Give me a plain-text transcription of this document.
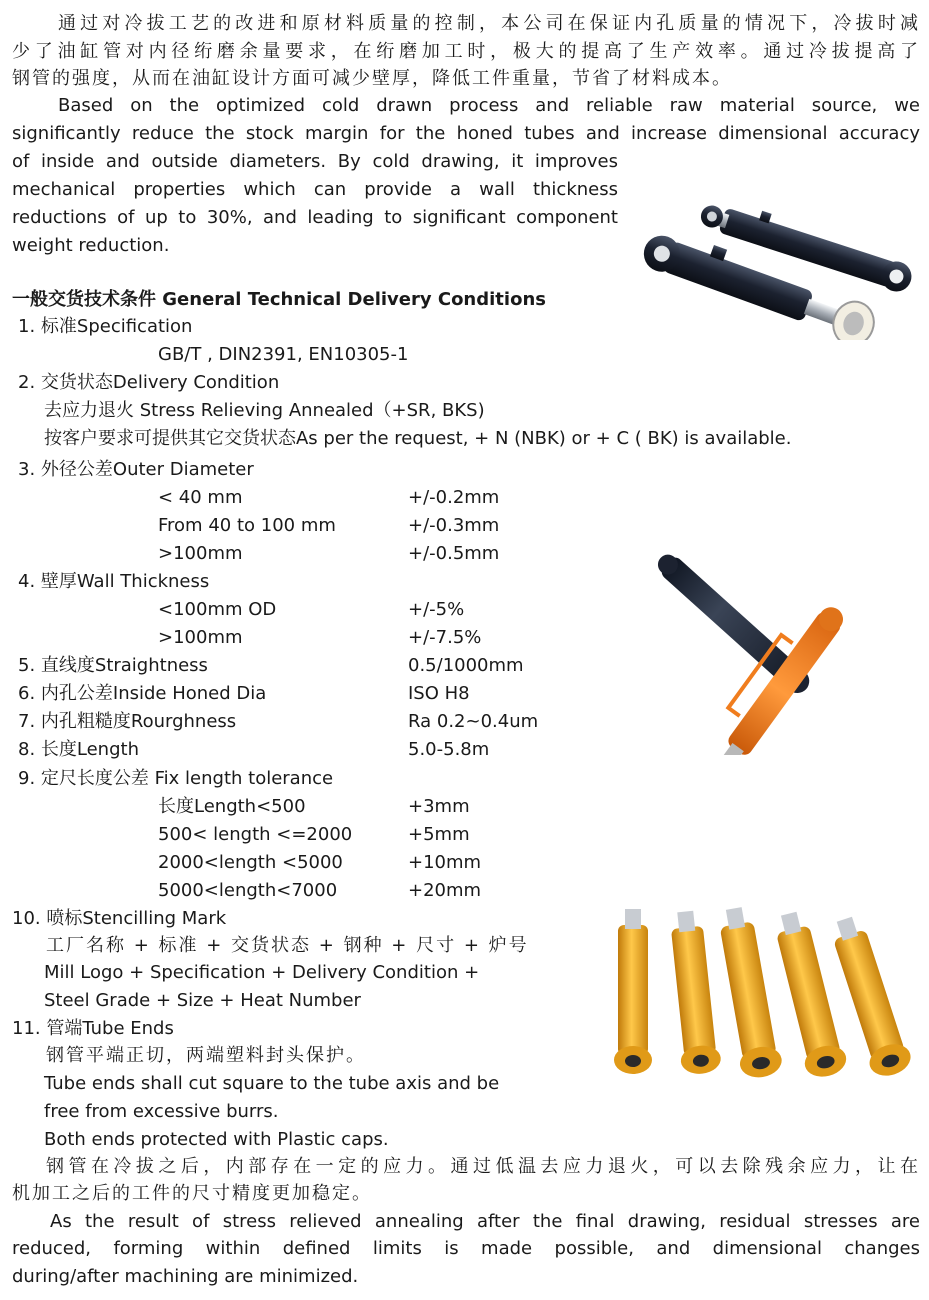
通过对冷拔工艺的改进和原材料质量的控制，本公司在保证内孔质量的情况下，冷拔时减
少了油缸管对内径绗磨余量要求，在绗磨加工时，极大的提高了生产效率。通过冷拔提高了
钢管的强度，从而在油缸设计方面可减少壁厚，降低工件重量，节省了材料成本。
Based on the optimized cold drawn process and reliable raw material source, we
significantly reduce the stock margin for the honed tubes and increase dimensional accuracy
of inside and outside diameters. By cold drawing, it improves
mechanical properties which can provide a wall thickness
reductions of up to 30%, and leading to significant component
weight reduction.
一般交货技术条件 General Technical Delivery Conditions
1. 标准Specification
GB/T , DIN2391, EN10305-1
2. 交货状态Delivery Condition
去应力退火 Stress Relieving Annealed（+SR, BKS)
按客户要求可提供其它交货状态As per the request, + N (NBK) or + C ( BK) is available.
3. 外径公差Outer Diameter
< 40 mm	+/-0.2mm
From 40 to 100 mm	+/-0.3mm
>100mm	+/-0.5mm
4. 壁厚Wall Thickness
<100mm OD	+/-5%
>100mm	+/-7.5%
5. 直线度Straightness	0.5/1000mm
6. 内孔公差Inside Honed Dia	ISO H8
7. 内孔粗糙度Rourghness	Ra 0.2~0.4um
8. 长度Length	5.0-5.8m
9. 定尺长度公差 Fix length tolerance
长度Length<500	+3mm
500< length <=2000	+5mm
2000<length <5000	+10mm
5000<length<7000	+20mm
10. 喷标Stencilling Mark
工厂名称 + 标准 + 交货状态 + 钢种 + 尺寸 + 炉号
Mill Logo + Specification + Delivery Condition +
Steel Grade + Size + Heat Number
11. 管端Tube Ends
钢管平端正切，两端塑料封头保护。
Tube ends shall cut square to the tube axis and be
free from excessive burrs.
Both ends protected with Plastic caps.
钢管在冷拔之后，内部存在一定的应力。通过低温去应力退火，可以去除残余应力，让在
机加工之后的工件的尺寸精度更加稳定。
As the result of stress relieved annealing after the final drawing, residual stresses are
reduced, forming within defined limits is made possible, and dimensional changes
during/after machining are minimized.
